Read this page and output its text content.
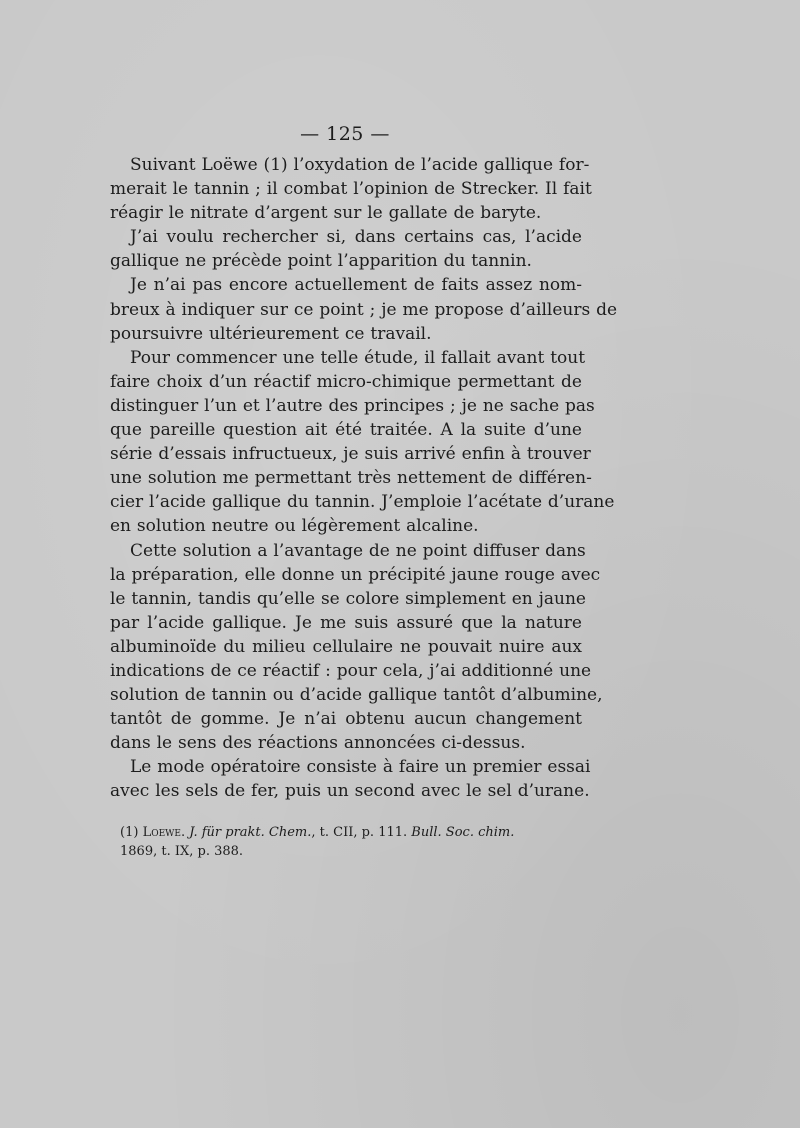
— 125 —
Suivant Loëwe (1) l’oxydation de l’acide gallique for-
merait le tannin ; il combat l’opinion de Strecker. Il fait
réagir le nitrate d’argent sur le gallate de baryte.
J’ai voulu rechercher si, dans certains cas, l’acide
gallique ne précède point l’apparition du tannin.
Je n’ai pas encore actuellement de faits assez nom-
breux à indiquer sur ce point ; je me propose d’ailleurs de
poursuivre ultérieurement ce travail.
Pour commencer une telle étude, il fallait avant tout
faire choix d’un réactif micro-chimique permettant de
distinguer l’un et l’autre des principes ; je ne sache pas
que pareille question ait été traitée. A la suite d’une
série d’essais infructueux, je suis arrivé enfin à trouver
une solution me permettant très nettement de différen-
cier l’acide gallique du tannin. J’emploie l’acétate d’urane
en solution neutre ou légèrement alcaline.
Cette solution a l’avantage de ne point diffuser dans
la préparation, elle donne un précipité jaune rouge avec
le tannin, tandis qu’elle se colore simplement en jaune
par l’acide gallique. Je me suis assuré que la nature
albuminoïde du milieu cellulaire ne pouvait nuire aux
indications de ce réactif : pour cela, j’ai additionné une
solution de tannin ou d’acide gallique tantôt d’albumine,
tantôt de gomme. Je n’ai obtenu aucun changement
dans le sens des réactions annoncées ci-dessus.
Le mode opératoire consiste à faire un premier essai
avec les sels de fer, puis un second avec le sel d’urane.
(1) Loewe. J. für prakt. Chem., t. CII, p. 111. Bull. Soc. chim.
1869, t. IX, p. 388.
